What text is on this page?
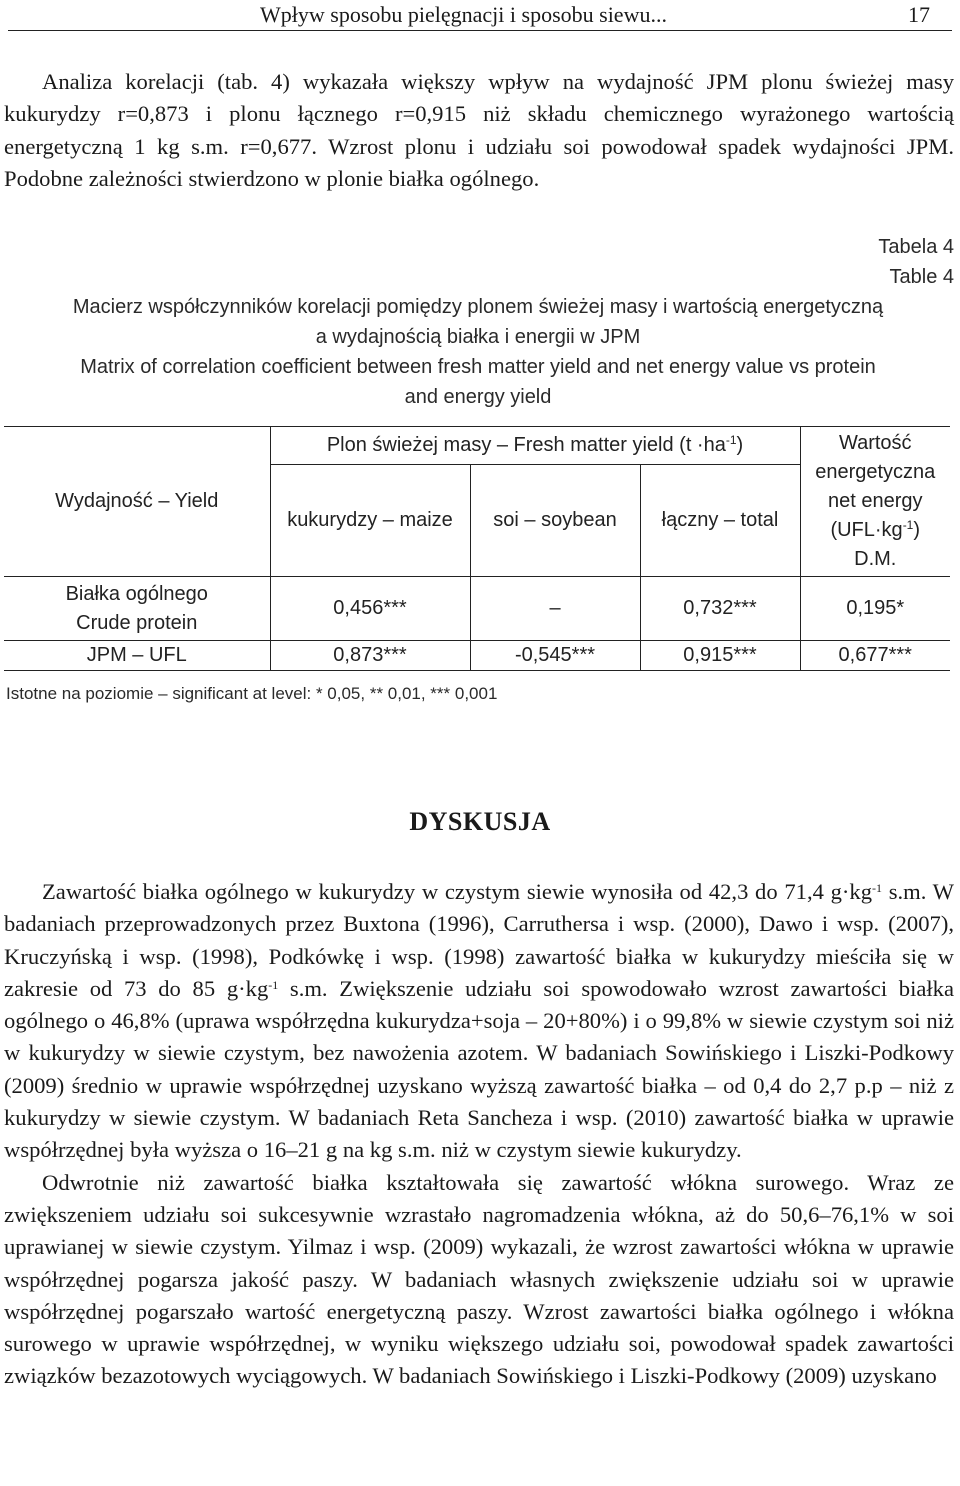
Wpływ sposobu pielęgnacji i sposobu siewu...	17

Analiza korelacji (tab. 4) wykazała większy wpływ na wydajność JPM plonu świeżej masy kukurydzy r=0,873 i plonu łącznego r=0,915 niż składu chemicznego wyrażonego wartością energetyczną 1 kg s.m. r=0,677. Wzrost plonu i udziału soi powodował spadek wydajności JPM. Podobne zależności stwierdzono w plonie białka ogólnego.

Tabela 4
Table 4
Macierz współczynników korelacji pomiędzy plonem świeżej masy i wartością energetyczną
a wydajnością białka i energii w JPM
Matrix of correlation coefficient between fresh matter yield and net energy value vs protein
and energy yield
Wydajność – Yield	Plon świeżej masy – Fresh matter yield $(t \cdot ha^{-1})$			Wartość
energetyczna
net energy
$(UFL\cdot kg^{-1})$
D.M.

	kukurydzy – maize	soi – soybean	łączny – total	

Białka ogólnego
Crude protein	0,456***	–	0,732***	0,195*
JPM – UFL	0,873***	-0,545***	0,915***	0,677***
Istotne na poziomie – significant at level: * 0,05, ** 0,01, *** 0,001
DYSKUSJA

Zawartość białka ogólnego w kukurydzy w czystym siewie wynosiła od 42,3 do 71,4 $g\cdot kg^{-1}$ s.m. W badaniach przeprowadzonych przez Buxtona (1996), Carruthersa i wsp. (2000), Dawo i wsp. (2007), Kruczyńską i wsp. (1998), Podkówkę i wsp. (1998) zawartość białka w kukurydzy mieściła się w zakresie od 73 do 85 $g\cdot kg^{-1}$ s.m. Zwiększenie udziału soi spowodowało wzrost zawartości białka ogólnego o 46,8% (uprawa współrzędna kukurydza+soja – 20+80%) i o 99,8% w siewie czystym soi niż w kukurydzy w siewie czystym, bez nawożenia azotem. W badaniach Sowińskiego i Liszki-Podkowy (2009) średnio w uprawie współrzędnej uzyskano wyższą zawartość białka – od 0,4 do 2,7 p.p – niż z kukurydzy w siewie czystym. W badaniach Reta Sancheza i wsp. (2010) zawartość białka w uprawie współrzędnej była wyższa o 16–21 g na kg s.m. niż w czystym siewie kukurydzy.

Odwrotnie niż zawartość białka kształtowała się zawartość włókna surowego. Wraz ze zwiększeniem udziału soi sukcesywnie wzrastało nagromadzenia włókna, aż do 50,6–76,1% w soi uprawianej w siewie czystym. Yilmaz i wsp. (2009) wykazali, że wzrost zawartości włókna w uprawie współrzędnej pogarsza jakość paszy. W badaniach własnych zwiększenie udziału soi w uprawie współrzędnej pogarszało wartość energetyczną paszy. Wzrost zawartości białka ogólnego i włókna surowego w uprawie współrzędnej, w wyniku większego udziału soi, powodował spadek zawartości związków bezazotowych wyciągowych. W badaniach Sowińskiego i Liszki-Podkowy (2009) uzyskano
